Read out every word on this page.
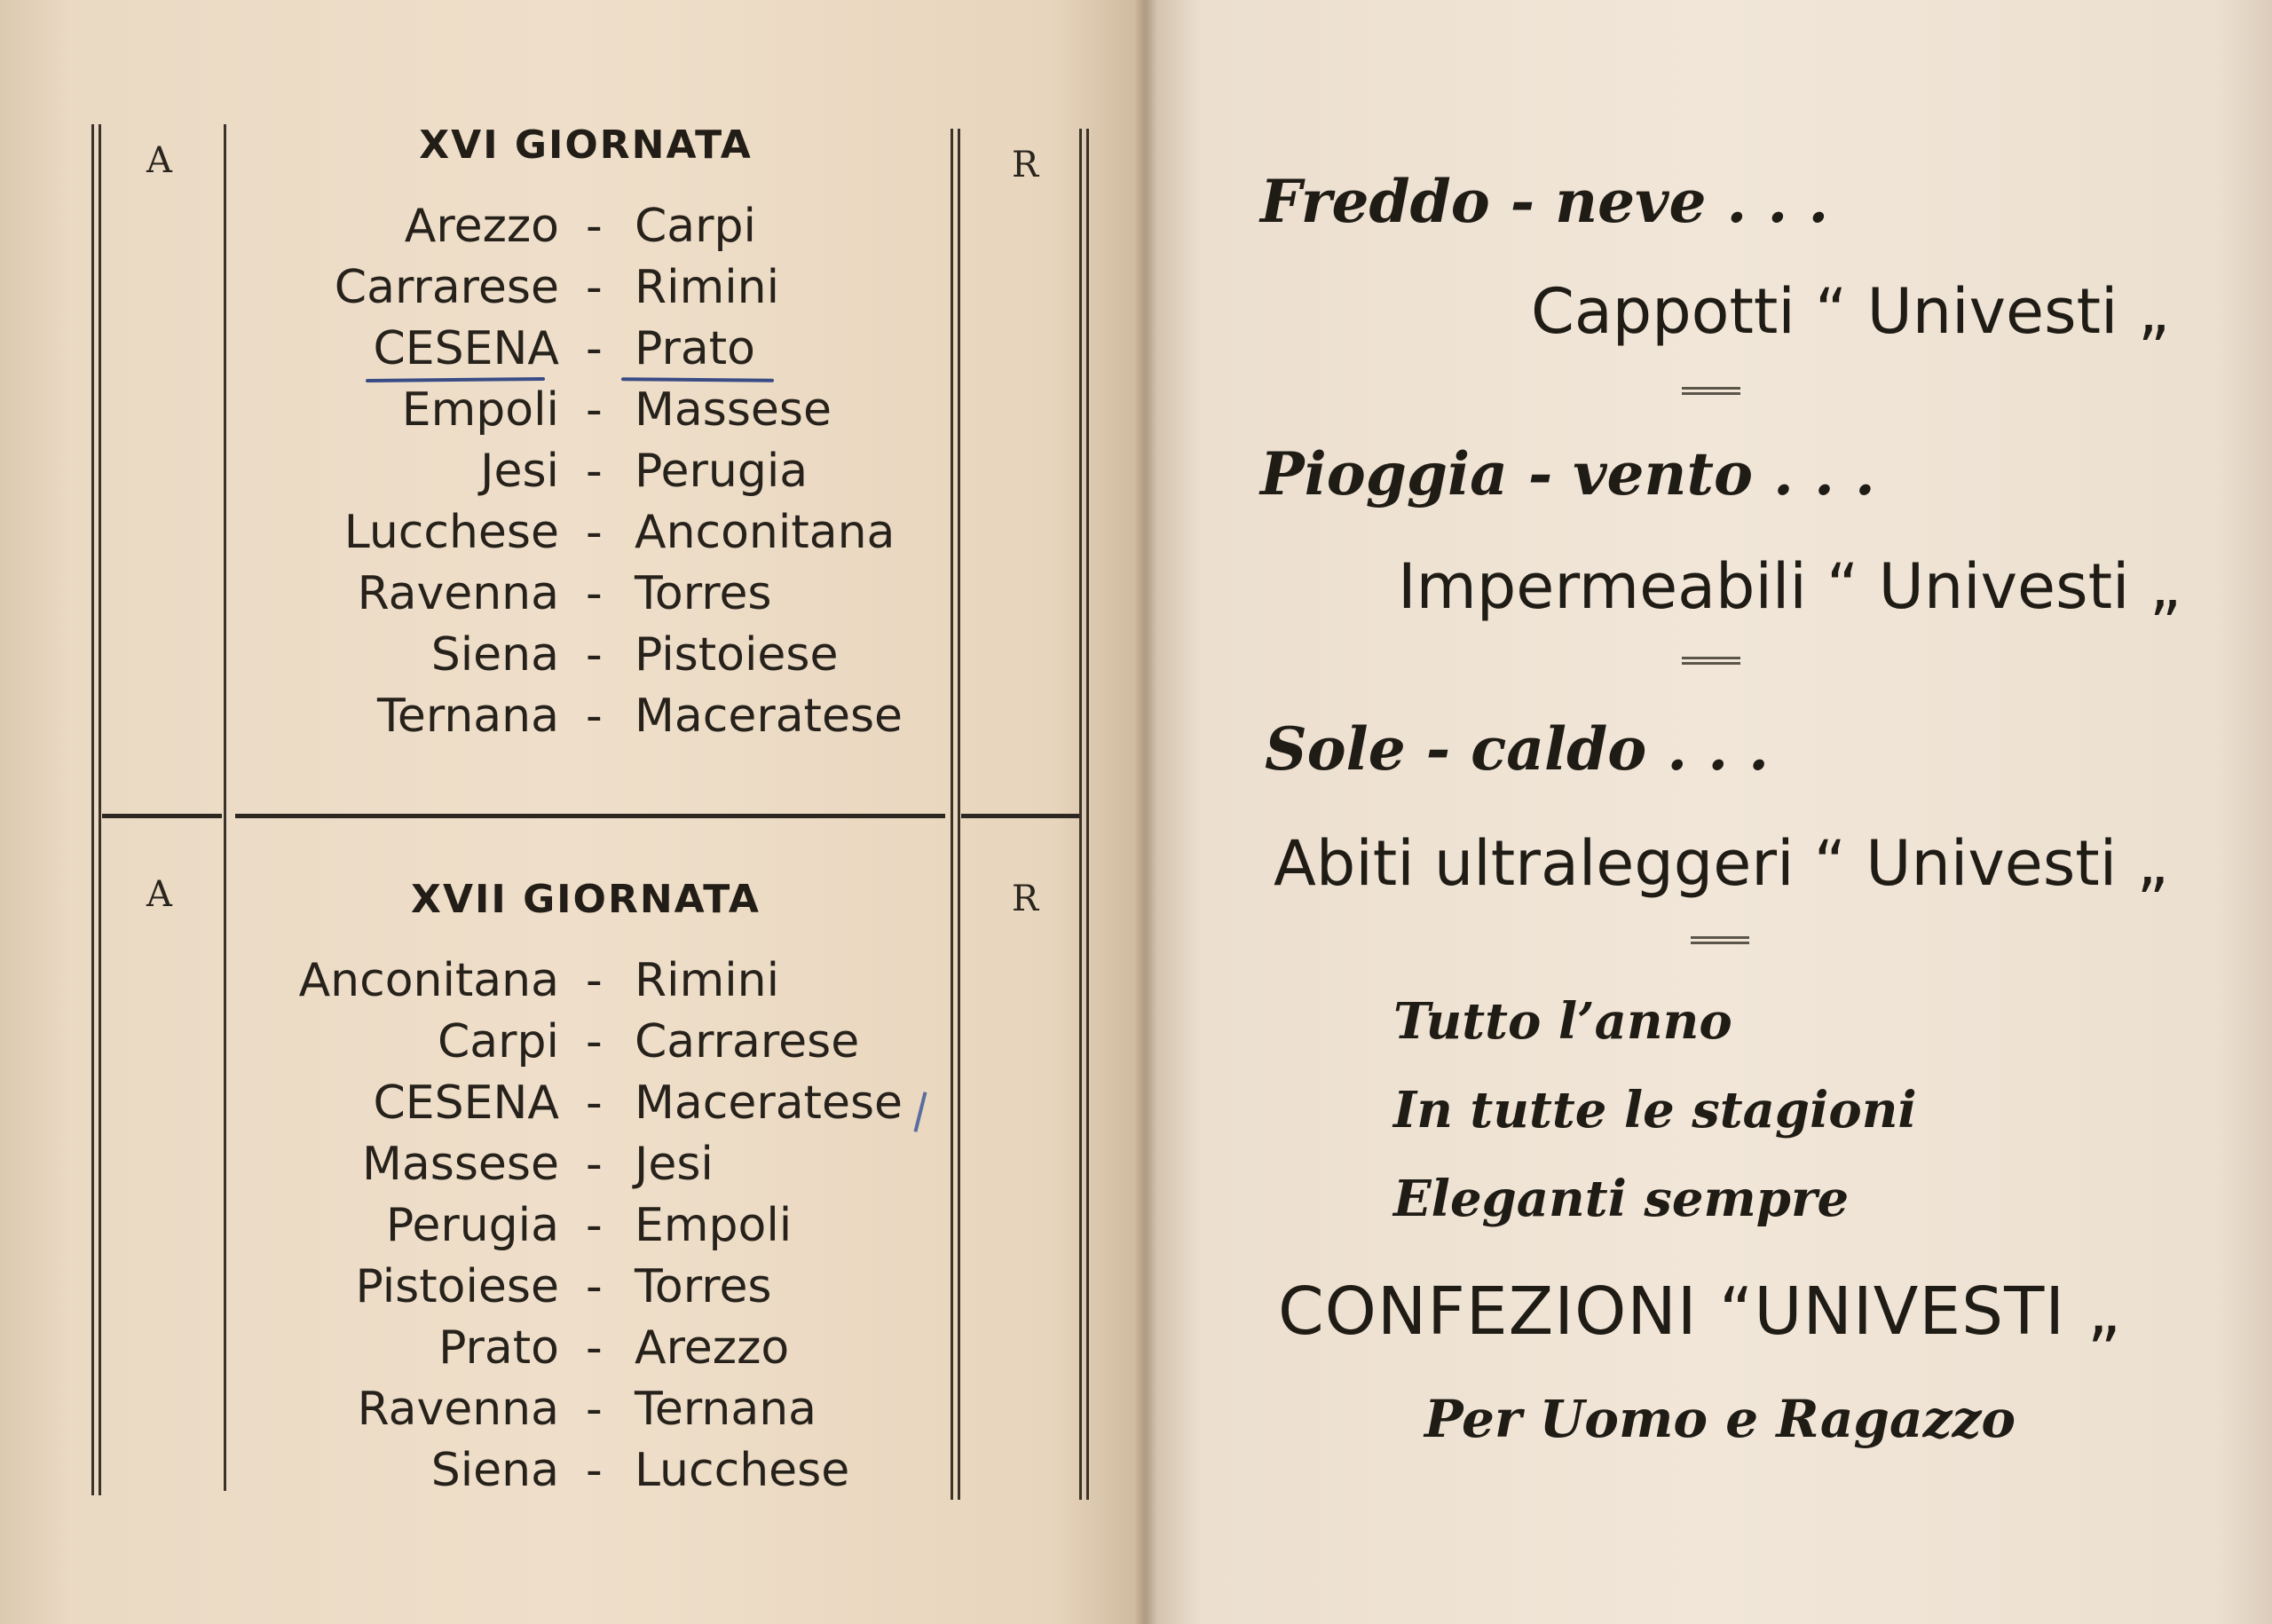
A	R
XVI GIORNATA
Arezzo - Carpi
Carrarese - Rimini
CESENA - Prato
Empoli - Massese
Jesi - Perugia
Lucchese - Anconitana
Ravenna - Torres
Siena - Pistoiese
Ternana - Maceratese
A	R
XVII GIORNATA
Anconitana - Rimini
Carpi - Carrarese
CESENA - Maceratese
Massese - Jesi
Perugia - Empoli
Pistoiese - Torres
Prato - Arezzo
Ravenna - Ternana
Siena - Lucchese
Freddo - neve . . .
Cappotti “ Univesti „
Pioggia - vento . . .
Impermeabili “ Univesti „
Sole - caldo . . .
Abiti ultraleggeri “ Univesti „
Tutto l’anno
In tutte le stagioni
Eleganti sempre
CONFEZIONI “UNIVESTI „
Per Uomo e Ragazzo
